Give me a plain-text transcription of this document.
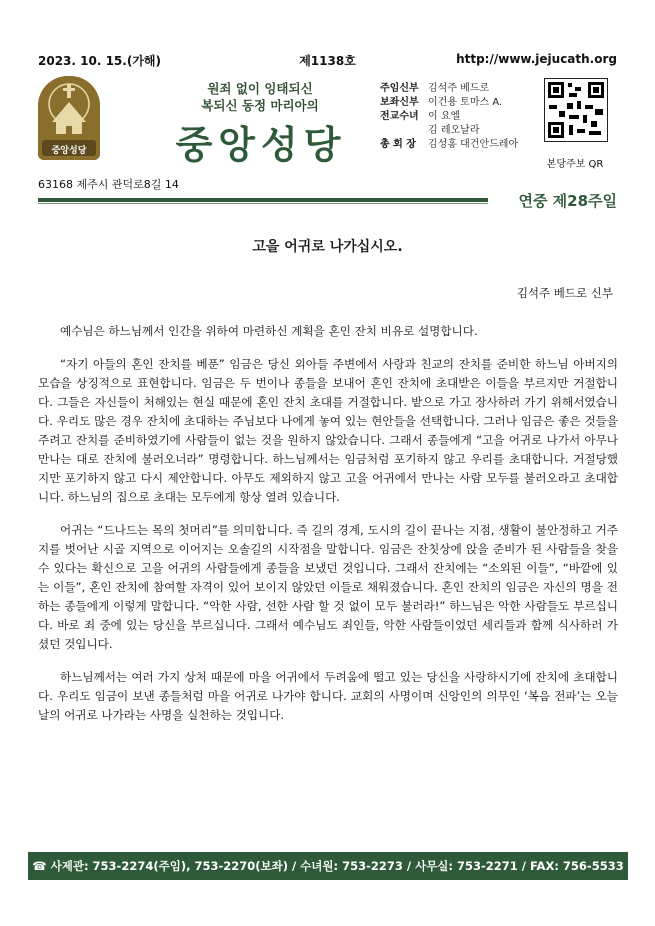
2023. 10. 15.(가해)	제1138호	http://www.jejucath.org
중앙성당
원죄 없이 잉태되신
복되신 동정 마리아의
중앙성당
주임신부 김석주 베드로
보좌신부 이건용 토마스 A.
전교수녀 이 요엘
김 레오날라
총 회 장	김성홍 대건안드레아
본당주보 QR
63168 제주시 관덕로8길 14
연중 제28주일
고을 어귀로 나가십시오.
김석주 베드로 신부

예수님은 하느님께서 인간을 위하여 마련하신 계획을 혼인 잔치 비유로 설명합니다.

“자기 아들의 혼인 잔치를 베푼” 임금은 당신 외아들 주변에서 사랑과 친교의 잔치를 준비한 하느님 아버지의 모습을 상징적으로 표현합니다. 임금은 두 번이나 종들을 보내어 혼인 잔치에 초대받은 이들을 부르지만 거절합니다. 그들은 자신들이 처해있는 현실 때문에 혼인 잔치 초대를 거절합니다. 밭으로 가고 장사하러 가기 위해서였습니다. 우리도 많은 경우 잔치에 초대하는 주님보다 나에게 놓여 있는 현안들을 선택합니다. 그러나 임금은 좋은 것들을 주려고 잔치를 준비하였기에 사람들이 없는 것을 원하지 않았습니다. 그래서 종들에게 “고을 어귀로 나가서 아무나 만나는 대로 잔치에 불러오너라” 명령합니다. 하느님께서는 임금처럼 포기하지 않고 우리를 초대합니다. 거절당했지만 포기하지 않고 다시 제안합니다. 아무도 제외하지 않고 고을 어귀에서 만나는 사람 모두를 불러오라고 초대합니다. 하느님의 집으로 초대는 모두에게 항상 열려 있습니다.

어귀는 “드나드는 목의 첫머리”를 의미합니다. 즉 길의 경계, 도시의 길이 끝나는 지점, 생활이 불안정하고 거주지를 벗어난 시골 지역으로 이어지는 오솔길의 시작점을 말합니다. 임금은 잔칫상에 앉을 준비가 된 사람들을 찾을 수 있다는 확신으로 고을 어귀의 사람들에게 종들을 보냈던 것입니다. 그래서 잔치에는 “소외된 이들”, “바깥에 있는 이들”, 혼인 잔치에 참여할 자격이 있어 보이지 않았던 이들로 채워졌습니다. 혼인 잔치의 임금은 자신의 명을 전하는 종들에게 이렇게 말합니다. “악한 사람, 선한 사람 할 것 없이 모두 불러라!” 하느님은 악한 사람들도 부르십니다. 바로 죄 중에 있는 당신을 부르십니다. 그래서 예수님도 죄인들, 악한 사람들이었던 세리들과 함께 식사하러 가셨던 것입니다.

하느님께서는 여러 가지 상처 때문에 마을 어귀에서 두려움에 떨고 있는 당신을 사랑하시기에 잔치에 초대합니다. 우리도 임금이 보낸 종들처럼 마을 어귀로 나가야 합니다. 교회의 사명이며 신앙인의 의무인 ‘복음 전파’는 오늘날의 어귀로 나가라는 사명을 실천하는 것입니다.

☎ 사제관: 753-2274(주임), 753-2270(보좌) / 수녀원: 753-2273 / 사무실: 753-2271 / FAX: 756-5533
